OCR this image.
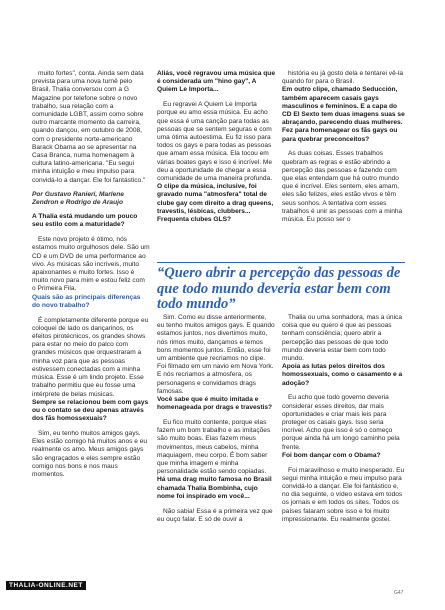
muito fortes", conta. Ainda sem data prevista para uma nova turnê pelo Brasil, Thalia conversou com a G Magazine por telefone sobre o novo trabalho, sua relação com a comunidade LGBT, assim como sobre outro marcante momento da carreira, quando dançou, em outubro de 2008, com o presidente norte-americano Barack Obama ao se apresentar na Casa Branca, numa homenagem à cultura latino-americana. "Eu segui minha intuição e meu impulso para convidá-lo a dançar. Ele foi fantástico."

Por Gustavo Ranieri, Marlene Zendron e Rodrigo de Araujo

A Thalia está mudando um pouco seu estilo com a maturidade?

Este novo projeto é ótimo, nós estamos muito orgulhosos dele. São um CD e um DVD de uma performance ao vivo. As músicas são incríveis, muito apaixonantes e muito fortes. Isso é muito novo para mim e estou feliz com o Primeira Fila.

Quais são as principais diferenças do novo trabalho?

É completamente diferente porque eu coloquei de lado os dançarinos, os efeitos pirotécnicos, os grandes shows para estar no meio do palco com grandes músicos que orquestraram a minha voz para que as pessoas estivessem conectadas com a minha música. Esse é um lindo projeto. Esse trabalho permitiu que eu fosse uma intérprete de belas músicas.

Sempre se relacionou bem com gays ou o contato se deu apenas através dos fãs homossexuais?

Sim, eu tenho muitos amigos gays. Eles estão comigo há muitos anos e eu realmente os amo. Meus amigos gays são engraçados e eles sempre estão comigo nos bons e nos maus momentos.

Aliás, você regravou uma música que é considerada um "hino gay", A Quiem Le Importa...

Eu regravei A Quiem Le Importa porque eu amo essa música. Eu acho que essa é uma canção para todas as pessoas que se sentem seguras e com uma ótima autoestima. Eu fiz isso para todos os gays e para todas as pessoas que amam essa música. Ela tocou em várias boates gays e isso é incrível. Me deu a oportunidade de chegar a essa comunidade de uma maneira profunda.

O clipe da música, inclusive, foi gravado numa "atmosfera" total de clube gay com direito a drag queens, travestis, lésbicas, clubbers... Frequenta clubes GLS?

história eu já gosto dela e tentarei vê-la quando for para o Brasil.

Em outro clipe, chamado Seducción, também aparecem casais gays masculinos e femininos. E a capa do CD El Sexto tem duas imagens suas se abraçando, parecendo duas mulheres. Fez para homenagear os fãs gays ou para quebrar preconceitos?

As duas coisas. Esses trabalhos quebram as regras e estão abrindo a percepção das pessoas e fazendo com que elas entendam que há outro mundo que é incrível. Eles sentem, eles amam, eles são felizes, eles estão vivos e têm seus sonhos. A tentativa com esses trabalhos é unir as pessoas com a minha música. Eu posso ser o

“Quero abrir a percepção das pessoas de que todo mundo deveria estar bem com todo mundo”

Sim. Como eu disse anteriormente, eu tenho muitos amigos gays. E quando estamos juntos, nos divertimos muito, nós rimos muito, dançamos e temos bons momentos juntos. Então, esse foi um ambiente que recriamos no clipe. Foi filmado em um navio em Nova York. E nós recriamos a atmosfera, os personagens e convidamos drags famosas.

Você sabe que é muito imitada e homenageada por drags e travestis?

Eu fico muito contente, porque elas fazem um bom trabalho e as imitações são muito boas. Elas fazem meus movimentos, meus cabelos, minha maquiagem, meu corpo. É bom saber que minha imagem e minha personalidade estão sendo copiadas.

Há uma drag muito famosa no Brasil chamada Thalia Bombinha, cujo nome foi inspirado em você...

Não sabia! Essa é a primeira vez que eu ouço falar. E só de ouvir a

Thalia ou uma sonhadora, mas a única coisa que eu quero é que as pessoas tenham consciência; quero abrir a percepção das pessoas de que todo mundo deveria estar bem com todo mundo.

Apoia as lutas pelos direitos dos homossexuais, como o casamento e a adoção?

Eu acho que todo governo deveria considerar esses direitos, dar mais oportunidades e criar mais leis para proteger os casais gays. Isso seria incrível. Acho que isso é só o começo porque ainda há um longo caminho pela frente.

Foi bom dançar com o Obama?

Foi maravilhoso e muito inesperado. Eu segui minha intuição e meu impulso para convidá-lo a dançar. Ele foi fantástico e, no dia seguinte, o vídeo estava em todos os jornais e em todos os sites. Todos os países falaram sobre isso e foi muito impressionante. Eu realmente gostei.

THALIA-ONLINE.NET
G47
